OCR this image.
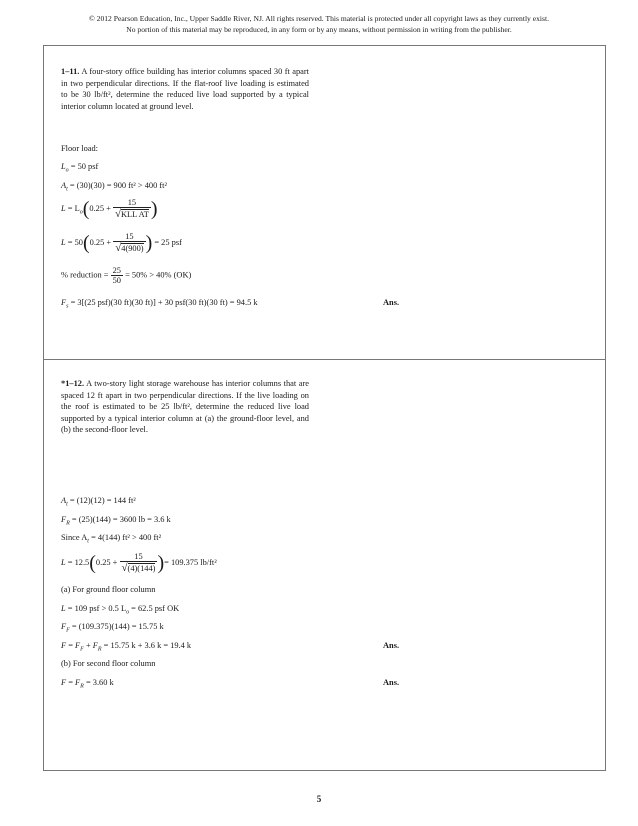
© 2012 Pearson Education, Inc., Upper Saddle River, NJ. All rights reserved. This material is protected under all copyright laws as they currently exist.
No portion of this material may be reproduced, in any form or by any means, without permission in writing from the publisher.
1–11. A four-story office building has interior columns spaced 30 ft apart in two perpendicular directions. If the flat-roof live loading is estimated to be 30 lb/ft², determine the reduced live load supported by a typical interior column located at ground level.
Floor load:
$L_o = 50$ psf
$A_t = (30)(30) = 900$ ft² > 400 ft²
$L = L_o(0.25 + \frac{15}{\text{√KLL AT}}$ )
$L = 50(0.25 + \frac{15}{√4(900)}$ ) = 25 psf
% reduction = $\frac{25}{50} = 50\% > 40\%$ (OK)
$F_s = 3[(25$ psf)(30 ft)(30 ft)] + 30 psf(30 ft)(30 ft) = 94.5 k	Ans.
*1–12. A two-story light storage warehouse has interior columns that are spaced 12 ft apart in two perpendicular directions. If the live loading on the roof is estimated to be 25 lb/ft², determine the reduced live load supported by a typical interior column at (a) the ground-floor level, and (b) the second-floor level.
$A_t = (12)(12) = 144$ ft²
$F_R = (25)(144) = 3600$ lb = 3.6 k
Since $A_t = 4(144) ft^2 > 400$ ft²
$L = 12.5(0.25 + \frac{15}{√(4)(144)}$ )= 109.375 lb/ft²
(a) For ground floor column
L = 109 psf > 0.5 $L_o = 62.5$ psf OK
$F_F = (109.375)(144) = 15.75$ k
$F = F_F + F_R = 15.75$ k + 3.6 k = 19.4 k	Ans.
(b) For second floor column
$F = F_R = 3.60$ k	Ans.
5
